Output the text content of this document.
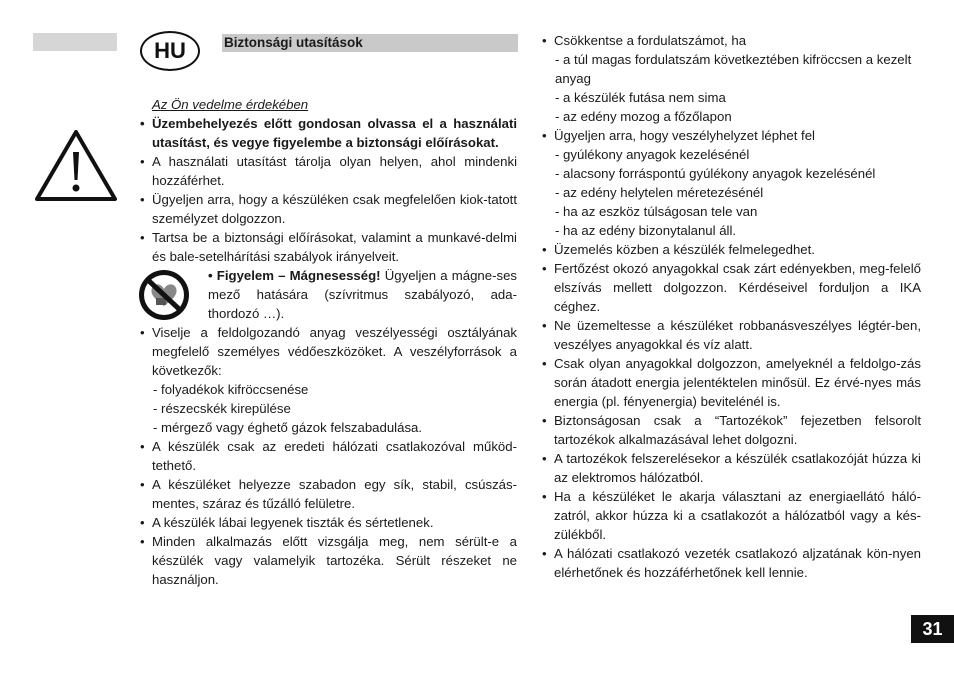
HU	Biztonsági utasítások
Az Ön vedelme érdekében
• Üzembehelyezés előtt gondosan olvassa el a használati utasítást, és vegye figyelembe a biztonsági előírásokat.
• A használati utasítást tárolja olyan helyen, ahol mindenki hozzáférhet.
• Ügyeljen arra, hogy a készüléken csak megfelelően kiok-tatott személyzet dolgozzon.
• Tartsa be a biztonsági előírásokat, valamint a munkavé-delmi és bale-setelhárítási szabályok irányelveit.
• Figyelem – Mágnesesség! Ügyeljen a mágne-ses mező hatására (szívritmus szabályozó, ada-thordozó …).
• Viselje a feldolgozandó anyag veszélyességi osztályának megfelelő személyes védőeszközöket. A veszélyforrások a következők:
- folyadékok kifröccsenése
- részecskék kirepülése
- mérgező vagy éghető gázok felszabadulása.
• A készülék csak az eredeti hálózati csatlakozóval működ-tethető.
• A készüléket helyezze szabadon egy sík, stabil, csúszás-mentes, száraz és tűzálló felületre.
• A készülék lábai legyenek tiszták és sértetlenek.
• Minden alkalmazás előtt vizsgálja meg, nem sérült-e a készülék vagy valamelyik tartozéka. Sérült részeket ne használjon.
• Csökkentse a fordulatszámot, ha
- a túl magas fordulatszám következtében kifröccsen a kezelt anyag
- a készülék futása nem sima
- az edény mozog a főzőlapon
• Ügyeljen arra, hogy veszélyhelyzet léphet fel
- gyúlékony anyagok kezelésénél
- alacsony forráspontú gyúlékony anyagok kezelésénél
- az edény helytelen méretezésénél
- ha az eszköz túlságosan tele van
- ha az edény bizonytalanul áll.
• Üzemelés közben a készülék felmelegedhet.
• Fertőzést okozó anyagokkal csak zárt edényekben, meg-felelő elszívás mellett dolgozzon. Kérdéseivel forduljon a IKA céghez.
• Ne üzemeltesse a készüléket robbanásveszélyes légtér-ben, veszélyes anyagokkal és víz alatt.
• Csak olyan anyagokkal dolgozzon, amelyeknél a feldolgo-zás során átadott energia jelentéktelen minősül. Ez érvé-nyes más energia (pl. fényenergia) bevitelénél is.
• Biztonságosan csak a “Tartozékok” fejezetben felsorolt tartozékok alkalmazásával lehet dolgozni.
• A tartozékok felszerelésekor a készülék csatlakozóját húzza ki az elektromos hálózatból.
• Ha a készüléket le akarja választani az energiaellátó háló-zatról, akkor húzza ki a csatlakozót a hálózatból vagy a kés-zülékből.
• A hálózati csatlakozó vezeték csatlakozó aljzatának kön-nyen elérhetőnek és hozzáférhetőnek kell lennie.
31
